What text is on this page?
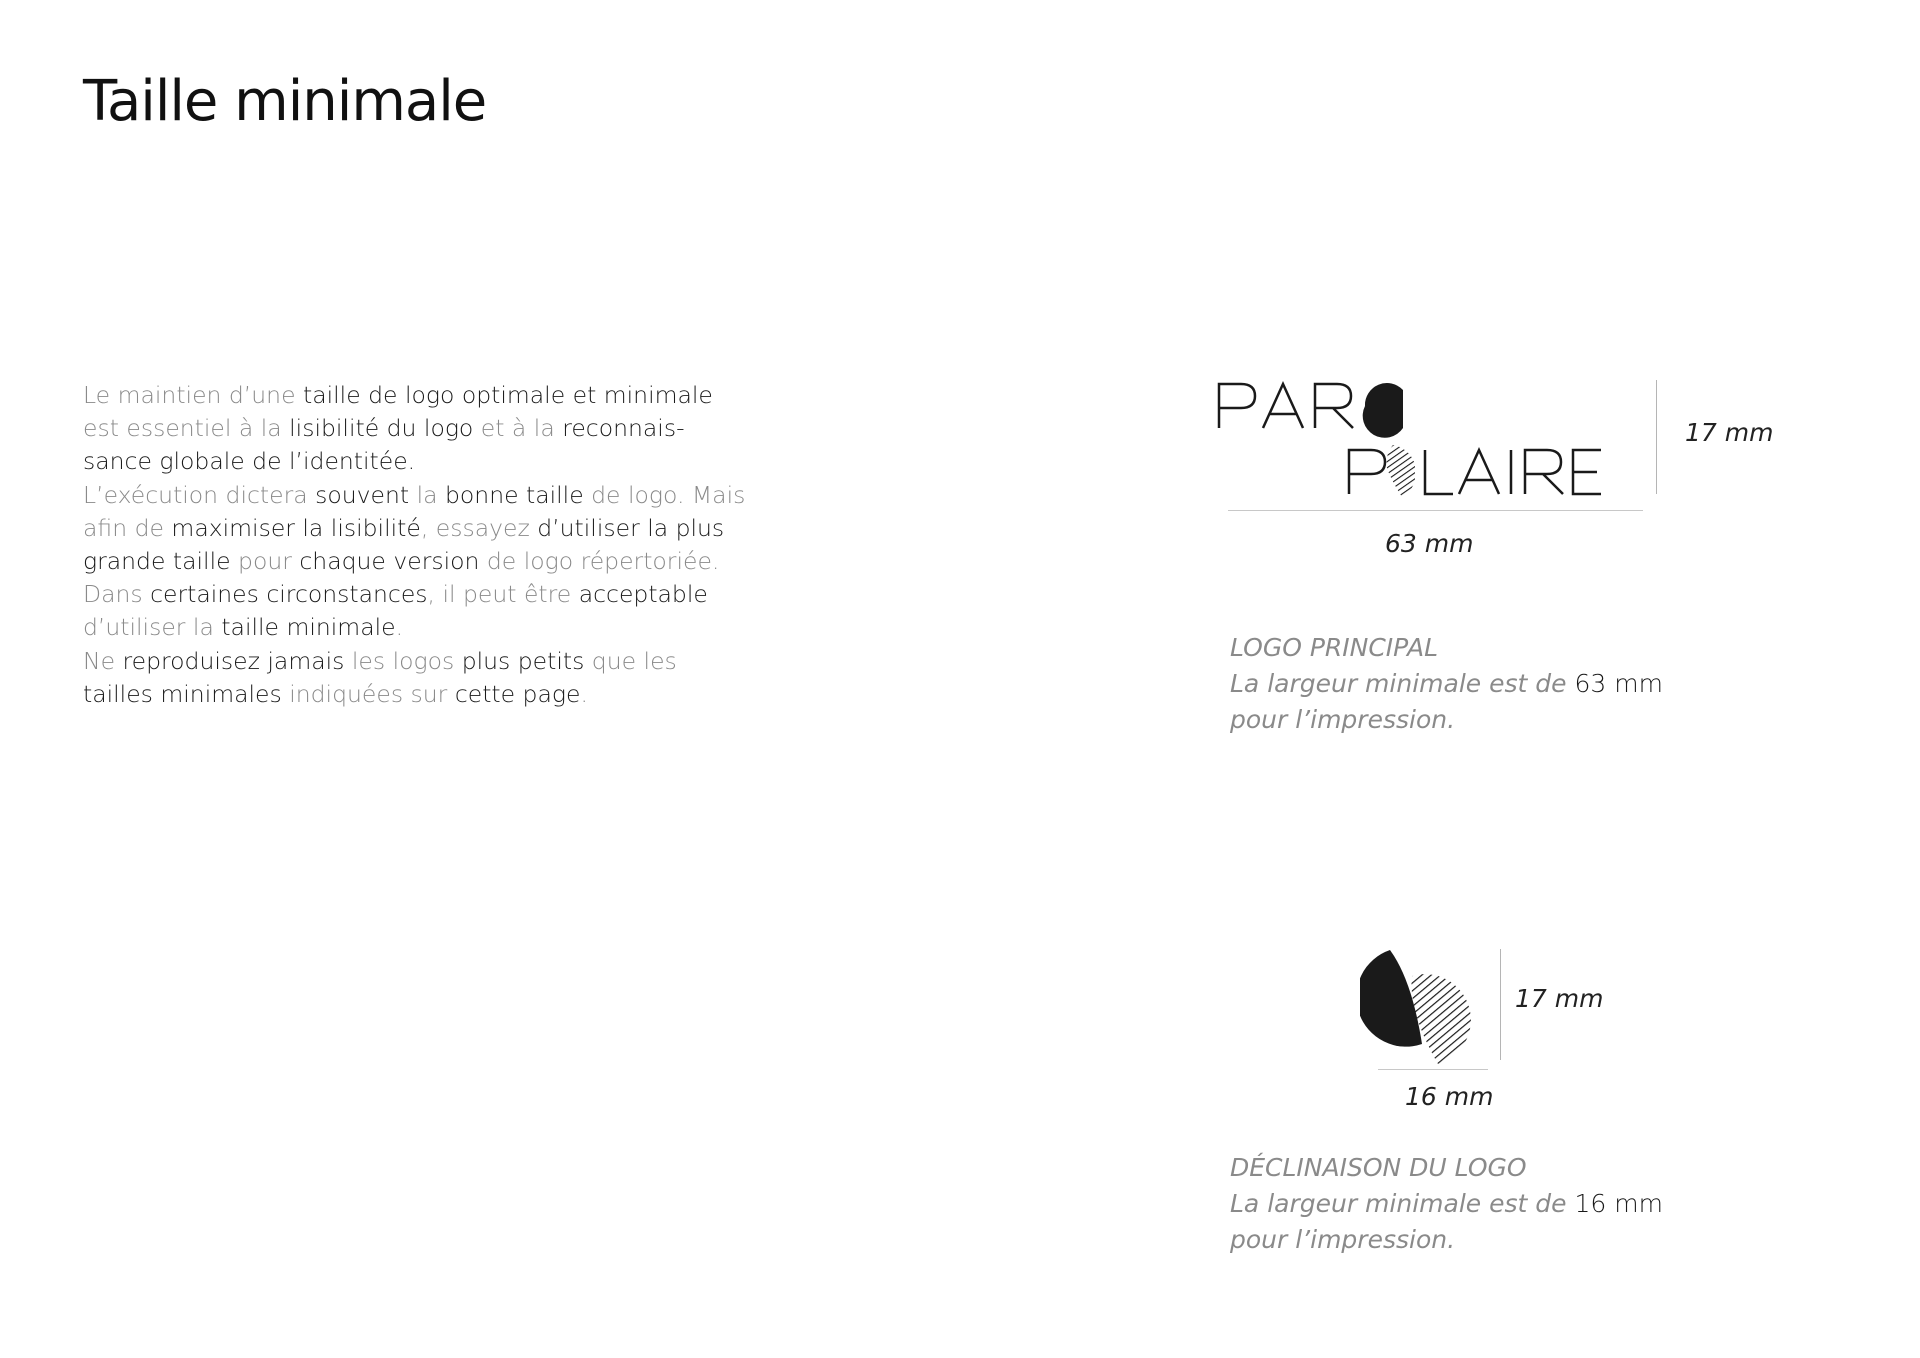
Taille minimale

Le maintien d’une taille de logo optimale et minimale
est essentiel à la lisibilité du logo et à la reconnais-
sance globale de l’identitée.
L’exécution dictera souvent la bonne taille de logo. Mais
afin de maximiser la lisibilité, essayez d’utiliser la plus
grande taille pour chaque version de logo répertoriée.
Dans certaines circonstances, il peut être acceptable
d’utiliser la taille minimale.
Ne reproduisez jamais les logos plus petits que les
tailles minimales indiquées sur cette page.

17 mm
63 mm
LOGO PRINCIPAL
La largeur minimale est de 63 mm
pour l’impression.
17 mm
16 mm
DÉCLINAISON DU LOGO
La largeur minimale est de 16 mm
pour l’impression.
